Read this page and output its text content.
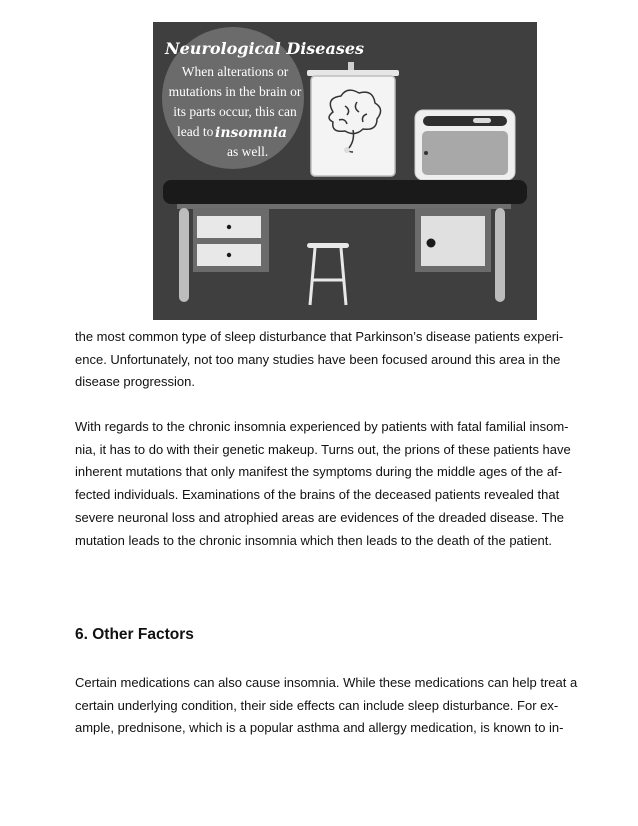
Neurological Diseases
When alterations or
mutations in the brain or
its parts occur, this can
lead to insomnia
as well.

the most common type of sleep disturbance that Parkinson’s disease patients experi-
ence. Unfortunately, not too many studies have been focused around this area in the
disease progression.

With regards to the chronic insomnia experienced by patients with fatal familial insom-
nia, it has to do with their genetic makeup. Turns out, the prions of these patients have
inherent mutations that only manifest the symptoms during the middle ages of the af-
fected individuals. Examinations of the brains of the deceased patients revealed that
severe neuronal loss and atrophied areas are evidences of the dreaded disease. The
mutation leads to the chronic insomnia which then leads to the death of the patient.

6. Other Factors

Certain medications can also cause insomnia. While these medications can help treat a
certain underlying condition, their side effects can include sleep disturbance. For ex-
ample, prednisone, which is a popular asthma and allergy medication, is known to in-
